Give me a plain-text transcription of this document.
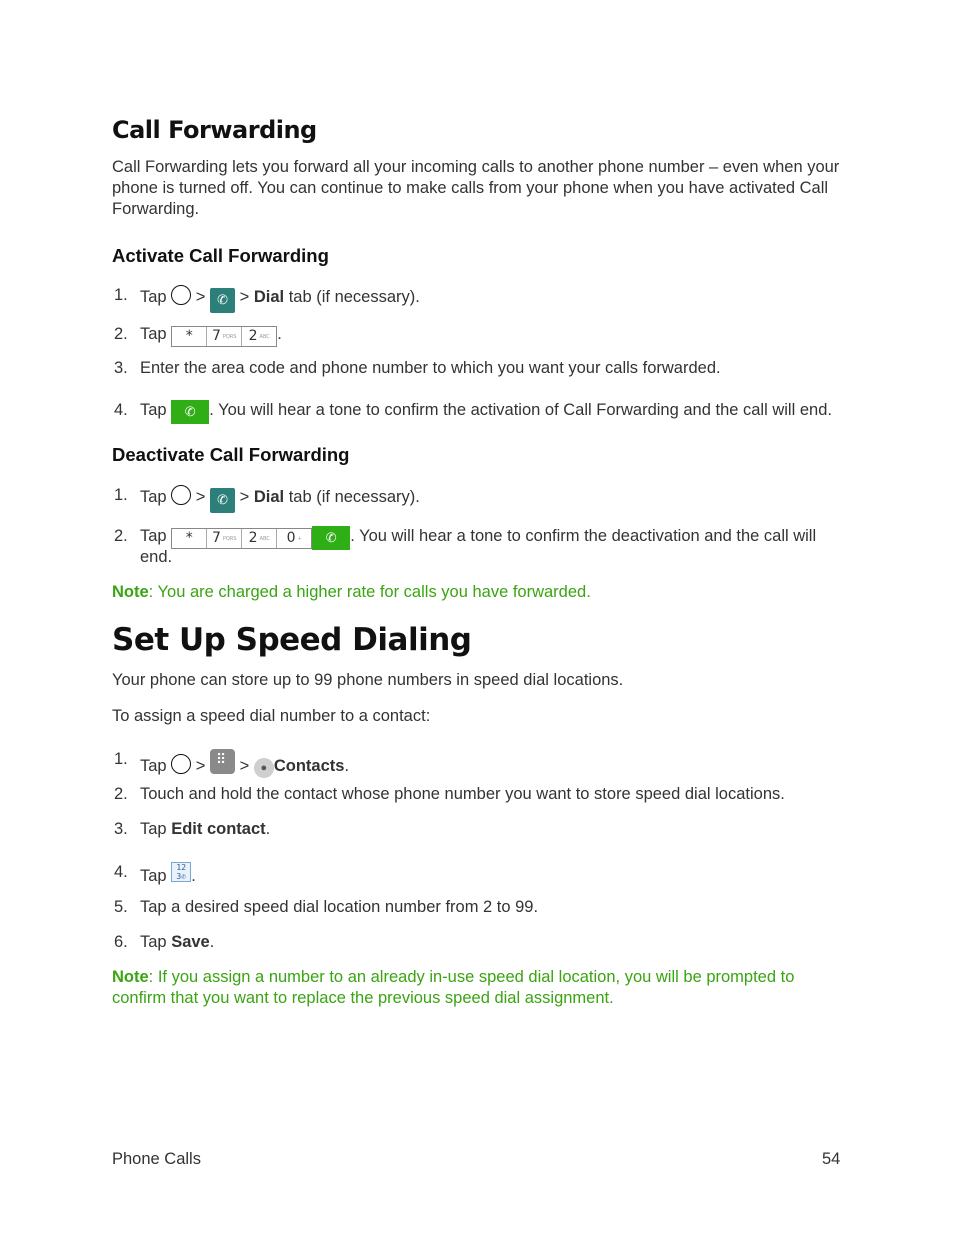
Call Forwarding

Call Forwarding lets you forward all your incoming calls to another phone number – even when your phone is turned off. You can continue to make calls from your phone when you have activated Call Forwarding.

Activate Call Forwarding
1. Tap > ✆ > Dial tab (if necessary).
2. Tap	*	7 PQRS 2 ABC .
3. Enter the area code and phone number to which you want your calls forwarded.
4. Tap ✆ . You will hear a tone to confirm the activation of Call Forwarding and the call will end.
Deactivate Call Forwarding
1. Tap > ✆ > Dial tab (if necessary).
2. Tap	*	7 PQRS 2 ABC	0 +	✆ . You will hear a tone to confirm the deactivation and the call will
end.

Note: You are charged a higher rate for calls you have forwarded.

Set Up Speed Dialing

Your phone can store up to 99 phone numbers in speed dial locations.

To assign a speed dial number to a contact:

1. Tap > ⠿ > ● Contacts.
2. Touch and hold the contact whose phone number you want to store speed dial locations.
3. Tap Edit contact.
4. Tap 12
3✆ .
5. Tap a desired speed dial location number from 2 to 99.
6. Tap Save.

Note: If you assign a number to an already in-use speed dial location, you will be prompted to confirm that you want to replace the previous speed dial assignment.

Phone Calls	54
